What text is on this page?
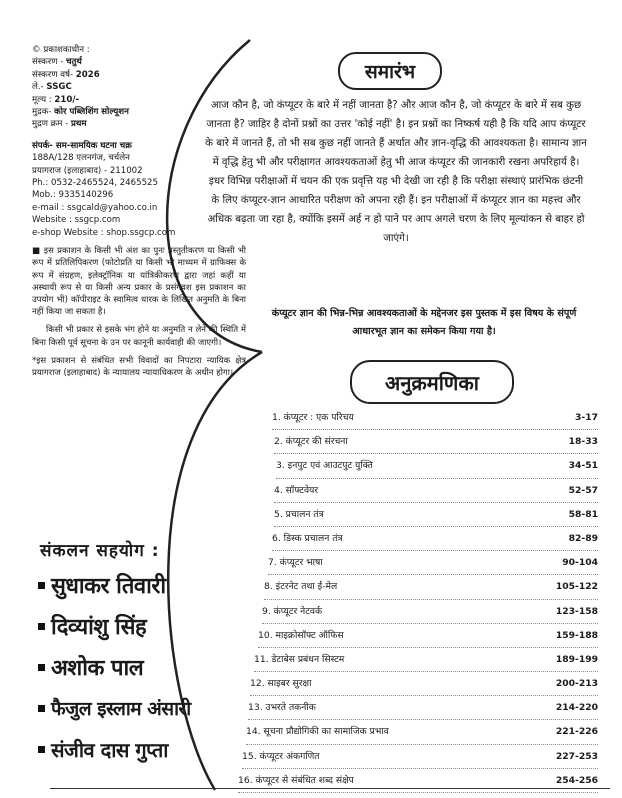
© प्रकाशकाधीन :
संस्करण - चतुर्थ
संस्करण वर्ष- 2026
ले.- SSGC
मूल्य : 210/-
मुद्रक- कोर पब्लिशिंग सोल्यूशन
मुद्रण क्रम - प्रथम
संपर्क- सम-सामयिक घटना चक्र
188A/128 एलनगंज, चर्चलेन
प्रयागराज (इलाहाबाद) - 211002
Ph.: 0532-2465524, 2465525
Mob.: 9335140296
e-mail : ssgcald@yahoo.co.in
Website : ssgcp.com
e-shop Website : shop.ssgcp.com

■ इस प्रकाशन के किसी भी अंश का पुनः प्रस्तुतीकरण या किसी भी रूप में प्रतिलिपिकरण (फोटोप्रति या किसी भी माध्यम में ग्राफिक्स के रूप में संग्रहण, इलेक्ट्रॉनिक या यांत्रिकीकरण द्वारा जहां कहीं या अस्थायी रूप से या किसी अन्य प्रकार के प्रसंगवश इस प्रकाशन का उपयोग भी) कॉपीराइट के स्वामित्व धारक के लिखित अनुमति के बिना नहीं किया जा सकता है।

किसी भी प्रकार से इसके भंग होने या अनुमति न लेने की स्थिति में बिना किसी पूर्व सूचना के उन पर कानूनी कार्यवाही की जाएगी।

*इस प्रकाशन से संबंधित सभी विवादों का निपटारा न्यायिक क्षेत्र प्रयागराज (इलाहाबाद) के न्यायालय न्यायाधिकरण के अधीन होगा।

संकलन सहयोग :
सुधाकर तिवारी
दिव्यांशु सिंह
अशोक पाल
फैजुल इस्लाम अंसारी
संजीव दास गुप्ता
समारंभ
आज कौन है, जो कंप्यूटर के बारे में नहीं जानता है? और आज कौन है, जो कंप्यूटर के बारे में सब कुछ जानता है? जाहिर है दोनों प्रश्नों का उत्तर 'कोई नहीं' है। इन प्रश्नों का निष्कर्ष यही है कि यदि आप कंप्यूटर के बारे में जानते हैं, तो भी सब कुछ नहीं जानते हैं अर्थात और ज्ञान-वृद्धि की आवश्यकता है। सामान्य ज्ञान में वृद्धि हेतु भी और परीक्षागत आवश्यकताओं हेतु भी आज कंप्यूटर की जानकारी रखना अपरिहार्य है। इधर विभिन्न परीक्षाओं में चयन की एक प्रवृत्ति यह भी देखी जा रही है कि परीक्षा संस्थाएं प्रारंभिक छंटनी के लिए कंप्यूटर-ज्ञान आधारित परीक्षण को अपना रही हैं। इन परीक्षाओं में कंप्यूटर ज्ञान का महत्त्व और अधिक बढ़ता जा रहा है, क्योंकि इसमें अर्ह न हो पाने पर आप अगले चरण के लिए मूल्यांकन से बाहर हो जाएंगे।
कंप्यूटर ज्ञान की भिन्न-भिन्न आवश्यकताओं के मद्देनजर इस पुस्तक में इस विषय के संपूर्ण आधारभूत ज्ञान का समेकन किया गया है।
अनुक्रमणिका
1. कंप्यूटर : एक परिचय	3-17
2. कंप्यूटर की संरचना	18-33
3. इनपुट एवं आउटपुट युक्ति	34-51
4. सॉफ्टवेयर	52-57
5. प्रचालन तंत्र	58-81
6. डिस्क प्रचालन तंत्र	82-89
7. कंप्यूटर भाषा	90-104
8. इंटरनेट तथा ई-मेल	105-122
9. कंप्यूटर नेटवर्क	123-158
10. माइक्रोसॉफ्ट ऑफिस	159-188
11. डेटाबेस प्रबंधन सिस्टम	189-199
12. साइबर सुरक्षा	200-213
13. उभरते तकनीक	214-220
14. सूचना प्रौद्योगिकी का सामाजिक प्रभाव	221-226
15. कंप्यूटर अंकगणित	227-253
16. कंप्यूटर से संबंधित शब्द संक्षेप	254-256
